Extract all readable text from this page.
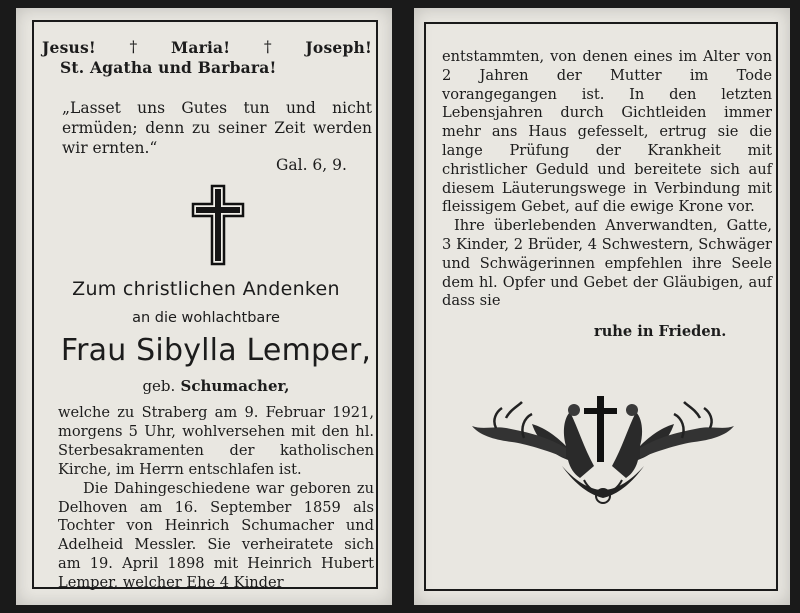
Jesus! † Maria! † Joseph!
St. Agatha und Barbara!
„Lasset uns Gutes tun und nicht ermüden; denn zu seiner Zeit werden wir ernten.“
Gal. 6, 9.
Zum christlichen Andenken
an die wohlachtbare
Frau Sibylla Lemper,
geb. Schumacher,

welche zu Straberg am 9. Februar 1921, morgens 5 Uhr, wohlversehen mit den hl. Sterbesakramenten der katholischen Kirche, im Herrn entschlafen ist.

Die Dahingeschiedene war geboren zu Delhoven am 16. September 1859 als Tochter von Heinrich Schumacher und Adelheid Messler. Sie verheiratete sich am 19. April 1898 mit Heinrich Hubert Lemper, welcher Ehe 4 Kinder

entstammten, von denen eines im Alter von 2 Jahren der Mutter im Tode vorangegangen ist. In den letzten Lebensjahren durch Gichtleiden immer mehr ans Haus gefesselt, ertrug sie die lange Prüfung der Krankheit mit christlicher Geduld und bereitete sich auf diesem Läuterungswege in Verbindung mit fleissigem Gebet, auf die ewige Krone vor.

Ihre überlebenden Anverwandten, Gatte, 3 Kinder, 2 Brüder, 4 Schwestern, Schwäger und Schwägerinnen empfehlen ihre Seele dem hl. Opfer und Gebet der Gläubigen, auf dass sie

ruhe in Frieden.
